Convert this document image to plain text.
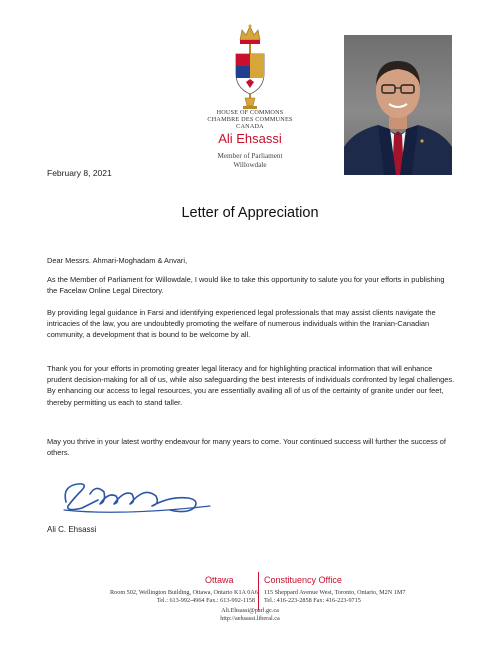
HOUSE OF COMMONS
CHAMBRE DES COMMUNES
CANADA
Ali Ehsassi
Member of Parliament
Willowdale
February 8, 2021
Letter of Appreciation

Dear Messrs. Ahmari-Moghadam & Anvari,

As the Member of Parliament for Willowdale, I would like to take this opportunity to salute you for your efforts in publishing the Facelaw Online Legal Directory.

By providing legal guidance in Farsi and identifying experienced legal professionals that may assist clients navigate the intricacies of the law, you are undoubtedly promoting the welfare of numerous individuals within the Iranian-Canadian community, a development that is bound to be welcome by all.

Thank you for your efforts in promoting greater legal literacy and for highlighting practical information that will enhance prudent decision-making for all of us, while also safeguarding the best interests of individuals confronted by legal challenges. By enhancing our access to legal resources, you are essentially availing all of us of the certainty of granite under our feet, thereby permitting us each to stand taller.

May you thrive in your latest worthy endeavour for many years to come. Your continued success will further the success of others.

Ali C. Ehsassi
Ottawa	Constituency Office
Room 502, Wellington Building, Ottawa, Ontario K1A 0A6
Tel.: 613-992-4964 Fax.: 613-992-1158
115 Sheppard Avenue West, Toronto, Ontario, M2N 1M7
Tel.: 416-223-2858 Fax: 416-223-9715
Ali.Ehsassi@parl.gc.ca
http://aehsassi.liberal.ca
